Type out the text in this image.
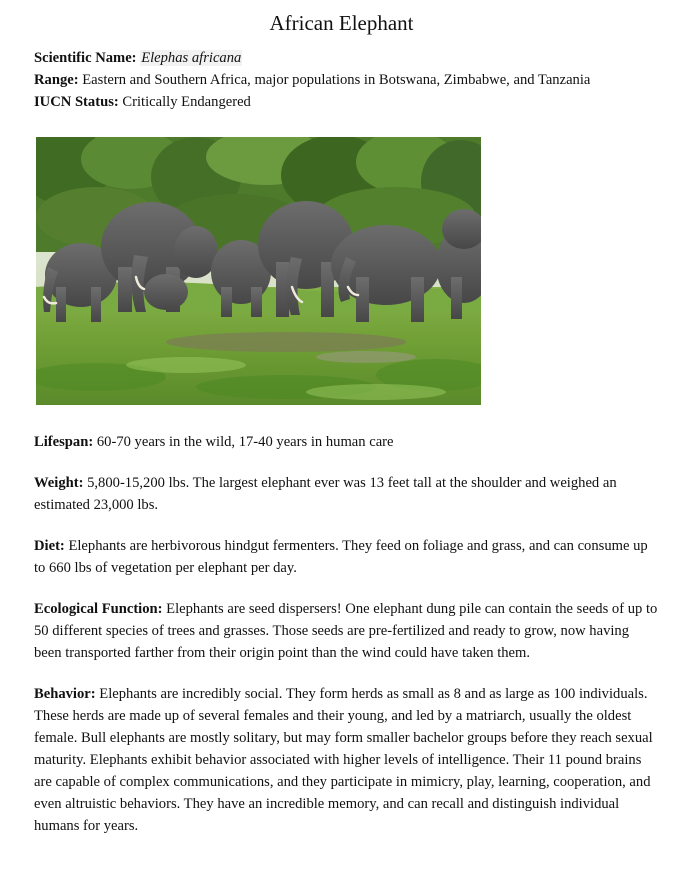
African Elephant
Scientific Name: Elephas africana
Range: Eastern and Southern Africa, major populations in Botswana, Zimbabwe, and Tanzania
IUCN Status: Critically Endangered

Lifespan: 60-70 years in the wild, 17-40 years in human care

Weight: 5,800-15,200 lbs. The largest elephant ever was 13 feet tall at the shoulder and weighed an estimated 23,000 lbs.

Diet: Elephants are herbivorous hindgut fermenters. They feed on foliage and grass, and can consume up to 660 lbs of vegetation per elephant per day.

Ecological Function: Elephants are seed dispersers! One elephant dung pile can contain the seeds of up to 50 different species of trees and grasses. Those seeds are pre-fertilized and ready to grow, now having been transported farther from their origin point than the wind could have taken them.

Behavior: Elephants are incredibly social. They form herds as small as 8 and as large as 100 individuals. These herds are made up of several females and their young, and led by a matriarch, usually the oldest female. Bull elephants are mostly solitary, but may form smaller bachelor groups before they reach sexual maturity. Elephants exhibit behavior associated with higher levels of intelligence. Their 11 pound brains are capable of complex communications, and they participate in mimicry, play, learning, cooperation, and even altruistic behaviors. They have an incredible memory, and can recall and distinguish individual humans for years.
